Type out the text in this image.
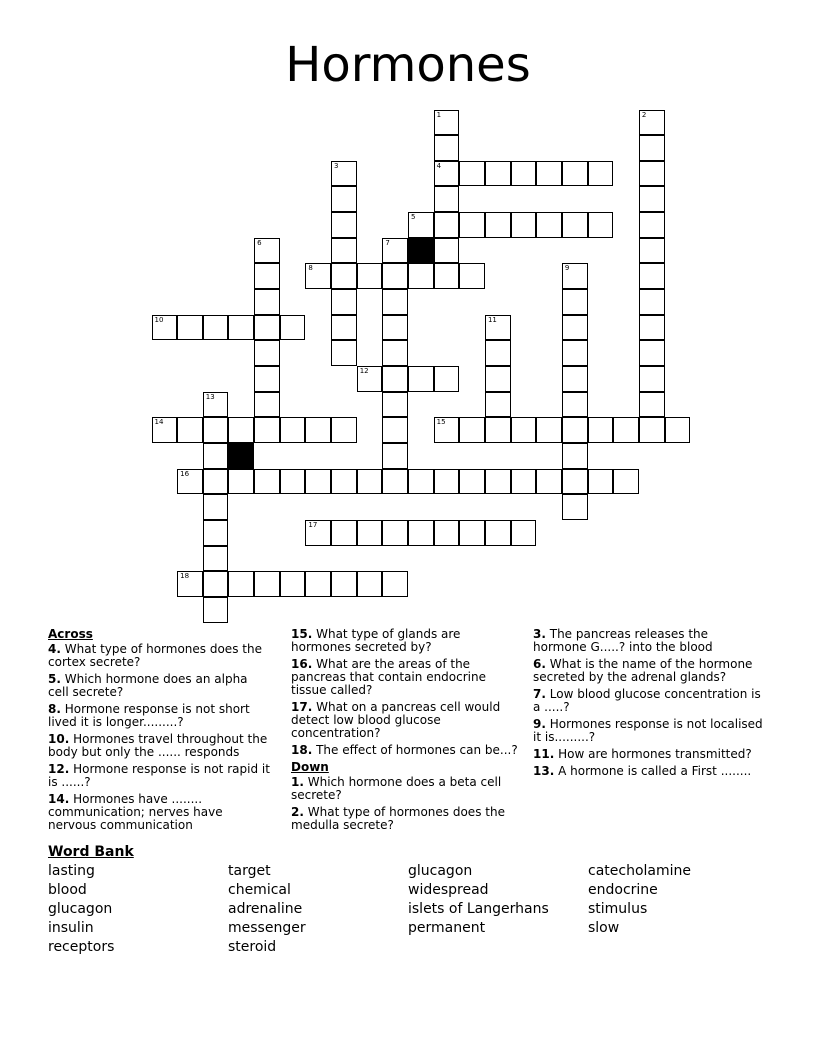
Hormones
4
5
8
10
12
14	15
16
17
18
1	2
3
6	7
9
11
13
Across
4. What type of hormones does the cortex secrete?
5. Which hormone does an alpha cell secrete?
8. Hormone response is not short lived it is longer.........?
10. Hormones travel throughout the body but only the ...... responds
12. Hormone response is not rapid it is ......?
14. Hormones have ........ communication; nerves have nervous communication
15. What type of glands are hormones secreted by?
16. What are the areas of the pancreas that contain endocrine tissue called?
17. What on a pancreas cell would detect low blood glucose concentration?
18. The effect of hormones can be...?
Down
1. Which hormone does a beta cell secrete?
2. What type of hormones does the medulla secrete?
3. The pancreas releases the hormone G.....? into the blood
6. What is the name of the hormone secreted by the adrenal glands?
7. Low blood glucose concentration is a .....?
9. Hormones response is not localised it is.........?
11. How are hormones transmitted?
13. A hormone is called a First ........
Word Bank
lasting
blood
glucagon
insulin
receptors
target
chemical
adrenaline
messenger
steroid
glucagon
widespread
islets of Langerhans
permanent
catecholamine
endocrine
stimulus
slow
